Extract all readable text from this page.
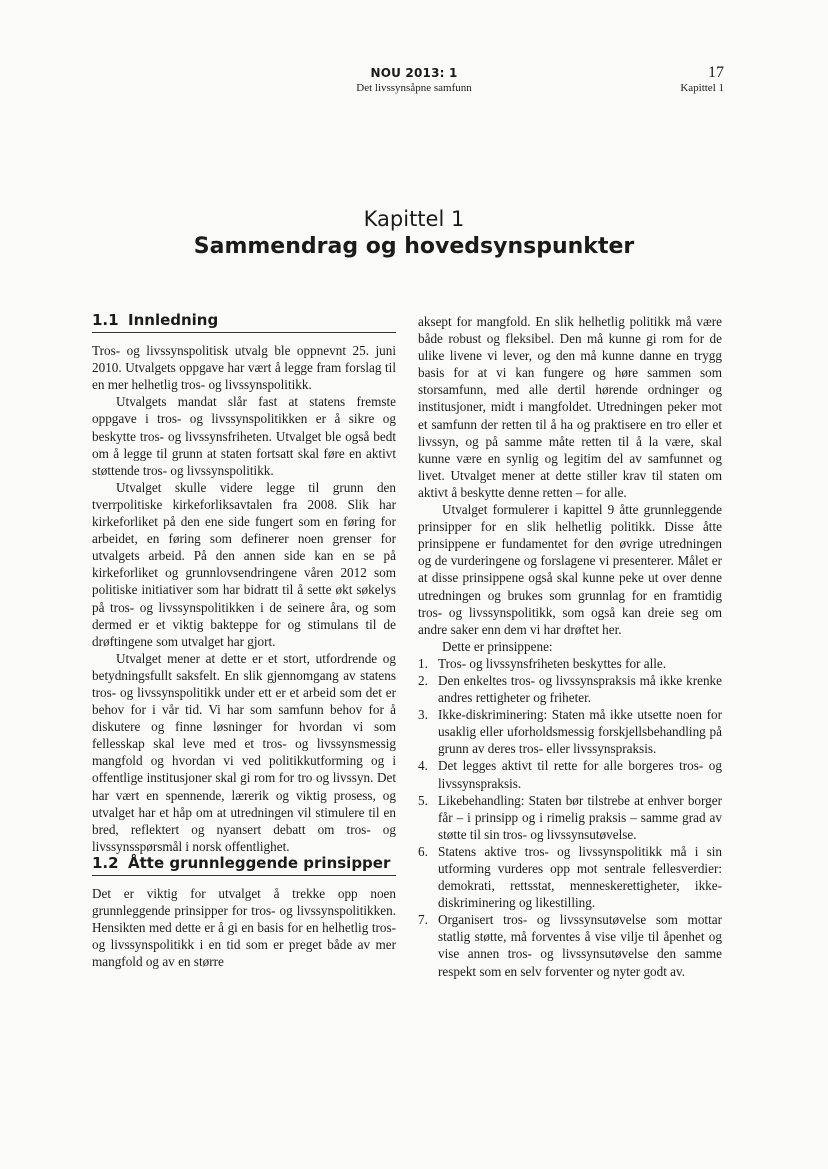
NOU 2013: 1
Det livssynsåpne samfunn
17
Kapittel 1
Kapittel 1
Sammendrag og hovedsynspunkter
1.1 Innledning

Tros- og livssynspolitisk utvalg ble oppnevnt 25. juni 2010. Utvalgets oppgave har vært å legge fram forslag til en mer helhetlig tros- og livssynspolitikk.

Utvalgets mandat slår fast at statens fremste oppgave i tros- og livssynspolitikken er å sikre og beskytte tros- og livssynsfriheten. Utvalget ble også bedt om å legge til grunn at staten fortsatt skal føre en aktivt støttende tros- og livssynspolitikk.

Utvalget skulle videre legge til grunn den tverrpolitiske kirkeforliksavtalen fra 2008. Slik har kirkeforliket på den ene side fungert som en føring for arbeidet, en føring som definerer noen grenser for utvalgets arbeid. På den annen side kan en se på kirkeforliket og grunnlovsendringene våren 2012 som politiske initiativer som har bidratt til å sette økt søkelys på tros- og livssynspolitikken i de seinere åra, og som dermed er et viktig bakteppe for og stimulans til de drøftingene som utvalget har gjort.

Utvalget mener at dette er et stort, utfordrende og betydningsfullt saksfelt. En slik gjennomgang av statens tros- og livssynspolitikk under ett er et arbeid som det er behov for i vår tid. Vi har som samfunn behov for å diskutere og finne løsninger for hvordan vi som fellesskap skal leve med et tros- og livssynsmessig mangfold og hvordan vi ved politikkutforming og i offentlige institusjoner skal gi rom for tro og livssyn. Det har vært en spennende, lærerik og viktig prosess, og utvalget har et håp om at utredningen vil stimulere til en bred, reflektert og nyansert debatt om tros- og livssynsspørsmål i norsk offentlighet.

1.2 Åtte grunnleggende prinsipper

Det er viktig for utvalget å trekke opp noen grunnleggende prinsipper for tros- og livssynspolitikken. Hensikten med dette er å gi en basis for en helhetlig tros- og livssynspolitikk i en tid som er preget både av mer mangfold og av en større

aksept for mangfold. En slik helhetlig politikk må være både robust og fleksibel. Den må kunne gi rom for de ulike livene vi lever, og den må kunne danne en trygg basis for at vi kan fungere og høre sammen som storsamfunn, med alle dertil hørende ordninger og institusjoner, midt i mangfoldet. Utredningen peker mot et samfunn der retten til å ha og praktisere en tro eller et livssyn, og på samme måte retten til å la være, skal kunne være en synlig og legitim del av samfunnet og livet. Utvalget mener at dette stiller krav til staten om aktivt å beskytte denne retten – for alle.

Utvalget formulerer i kapittel 9 åtte grunnleggende prinsipper for en slik helhetlig politikk. Disse åtte prinsippene er fundamentet for den øvrige utredningen og de vurderingene og forslagene vi presenterer. Målet er at disse prinsippene også skal kunne peke ut over denne utredningen og brukes som grunnlag for en framtidig tros- og livssynspolitikk, som også kan dreie seg om andre saker enn dem vi har drøftet her.

Dette er prinsippene:

1. Tros- og livssynsfriheten beskyttes for alle.
2. Den enkeltes tros- og livssynspraksis må ikke krenke andres rettigheter og friheter.
3. Ikke-diskriminering: Staten må ikke utsette noen for usaklig eller uforholdsmessig forskjellsbehandling på grunn av deres tros- eller livssynspraksis.
4. Det legges aktivt til rette for alle borgeres tros- og livssynspraksis.
5. Likebehandling: Staten bør tilstrebe at enhver borger får – i prinsipp og i rimelig praksis – samme grad av støtte til sin tros- og livssynsutøvelse.
6. Statens aktive tros- og livssynspolitikk må i sin utforming vurderes opp mot sentrale fellesverdier: demokrati, rettsstat, menneskerettigheter, ikke-diskriminering og likestilling.
7. Organisert tros- og livssynsutøvelse som mottar statlig støtte, må forventes å vise vilje til åpenhet og vise annen tros- og livssynsutøvelse den samme respekt som en selv forventer og nyter godt av.
